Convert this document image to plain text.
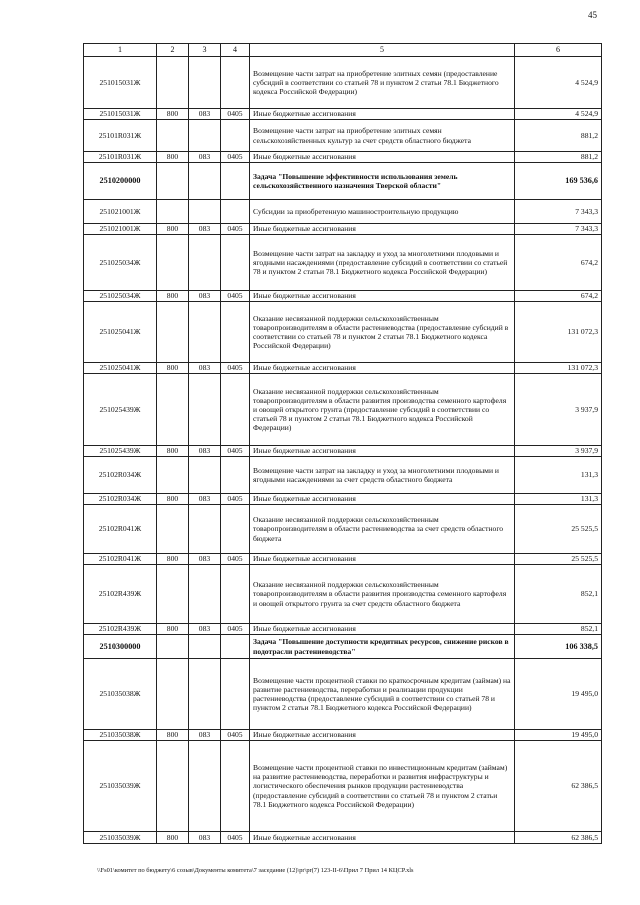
45
1	2	3	4	5	6
251015031Ж				Возмещение части затрат на приобретение элитных семян (предоставление субсидий в соответствии со статьей 78 и пунктом 2 статьи 78.1 Бюджетного кодекса Российской Федерации)	4 524,9
251015031Ж	800	083	0405	Иные бюджетные ассигнования	4 524,9
25101R031Ж				Возмещение части затрат на приобретение элитных семян сельскохозяйственных культур за счет средств областного бюджета	881,2
25101R031Ж	800	083	0405	Иные бюджетные ассигнования	881,2
2510200000				Задача "Повышение эффективности использования земель сельскохозяйственного назначения Тверской области"	169 536,6
251021001Ж				Субсидии за приобретенную машиностроительную продукцию	7 343,3
251021001Ж	800	083	0405	Иные бюджетные ассигнования	7 343,3
251025034Ж				Возмещение части затрат на закладку и уход за многолетними плодовыми и ягодными насаждениями (предоставление субсидий в соответствии со статьей 78 и пунктом 2 статьи 78.1 Бюджетного кодекса Российской Федерации)	674,2
251025034Ж	800	083	0405	Иные бюджетные ассигнования	674,2
251025041Ж				Оказание несвязанной поддержки сельскохозяйственным товаропроизводителям в области растениеводства (предоставление субсидий в соответствии со статьей 78 и пунктом 2 статьи 78.1 Бюджетного кодекса Российской Федерации)	131 072,3
251025041Ж	800	083	0405	Иные бюджетные ассигнования	131 072,3
251025439Ж				Оказание несвязанной поддержки сельскохозяйственным товаропроизводителям в области развития производства семенного картофеля и овощей открытого грунта (предоставление субсидий в соответствии со статьей 78 и пунктом 2 статьи 78.1 Бюджетного кодекса Российской Федерации)	3 937,9
251025439Ж	800	083	0405	Иные бюджетные ассигнования	3 937,9
25102R034Ж				Возмещение части затрат на закладку и уход за многолетними плодовыми и ягодными насаждениями за счет средств областного бюджета	131,3
25102R034Ж	800	083	0405	Иные бюджетные ассигнования	131,3
25102R041Ж				Оказание несвязанной поддержки сельскохозяйственным товаропроизводителям в области растениеводства за счет средств областного бюджета	25 525,5
25102R041Ж	800	083	0405	Иные бюджетные ассигнования	25 525,5
25102R439Ж				Оказание несвязанной поддержки сельскохозяйственным товаропроизводителям в области развития производства семенного картофеля и овощей открытого грунта за счет средств областного бюджета	852,1
25102R439Ж	800	083	0405	Иные бюджетные ассигнования	852,1
2510300000				Задача "Повышение доступности кредитных ресурсов, снижение рисков в подотрасли растениеводства"	106 338,5
251035038Ж				Возмещение части процентной ставки по краткосрочным кредитам (займам) на развитие растениеводства, переработки и реализации продукции растениеводства (предоставление субсидий в соответствии со статьей 78 и пунктом 2 статьи 78.1 Бюджетного кодекса Российской Федерации)	19 495,0
251035038Ж	800	083	0405	Иные бюджетные ассигнования	19 495,0
251035039Ж				Возмещение части процентной ставки по инвестиционным кредитам (займам) на развитие растениеводства, переработки и развития инфраструктуры и логистического обеспечения рынков продукции растениеводства (предоставление субсидий в соответствии со статьей 78 и пунктом 2 статьи 78.1 Бюджетного кодекса Российской Федерации)	62 386,5
251035039Ж	800	083	0405	Иные бюджетные ассигнования	62 386,5
\\Fs01\комитет по бюджету\6 созыв\Документы комитета\7 заседание (12)\pr\pr(7) 123-II-6\Прил 7 Прил 14 КЦСР.xls
